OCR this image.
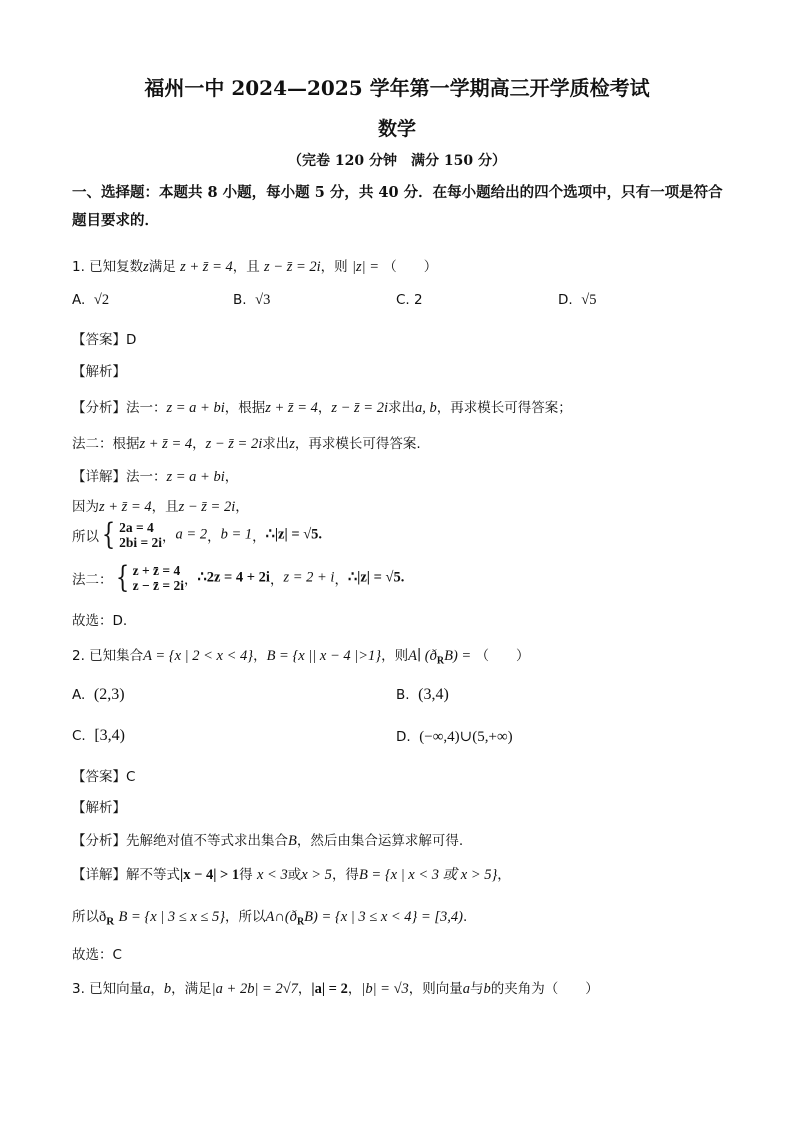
福州一中 2024—2025 学年第一学期高三开学质检考试
数学
（完卷 120 分钟　满分 150 分）
一、选择题：本题共 8 小题，每小题 5 分，共 40 分．在每小题给出的四个选项中，只有一项是符合题目要求的．
1. 已知复数z满足 z + z̄ = 4，且 z − z̄ = 2i，则 |z| = （　　）
A. √2	B. √3	C. 2	D. √5
【答案】D
【解析】
【分析】法一：z = a + bi，根据z + z̄ = 4，z − z̄ = 2i求出a, b，再求模长可得答案；
法二：根据z + z̄ = 4，z − z̄ = 2i求出z，再求模长可得答案.
【详解】法一：z = a + bi，
因为z + z̄ = 4，且z − z̄ = 2i，
所以{ 2a = 4
2bi = 2i，a = 2，b = 1，∴|z| = √5.
法二：{ z + z̄ = 4
z − z̄ = 2i，∴2z = 4 + 2i，z = 2 + i，∴|z| = √5.
故选：D.
2. 已知集合A = {x | 2 < x < 4}，B = {x || x − 4 |>1}，则A∣ $(ð_RB)$ = （　　）
A. (2,3)	B. (3,4)
C. [3,4)	D. (−∞,4)∪(5,+∞)
【答案】C
【解析】
【分析】先解绝对值不等式求出集合B，然后由集合运算求解可得.
【详解】解不等式|x − 4| > 1得 x < 3或x > 5，得B = {x | x < 3 或 x > 5}，
所以$ð_R$ B = {x | 3 ≤ x ≤ 5}，所以$A\cap(ð_RB) = \{x$ | 3 ≤ x < 4} = [3,4).
故选：C
3. 已知向量a，b，满足|a + 2b| = 2√7，|a| = 2，|b| = √3，则向量a与b的夹角为（　　）
